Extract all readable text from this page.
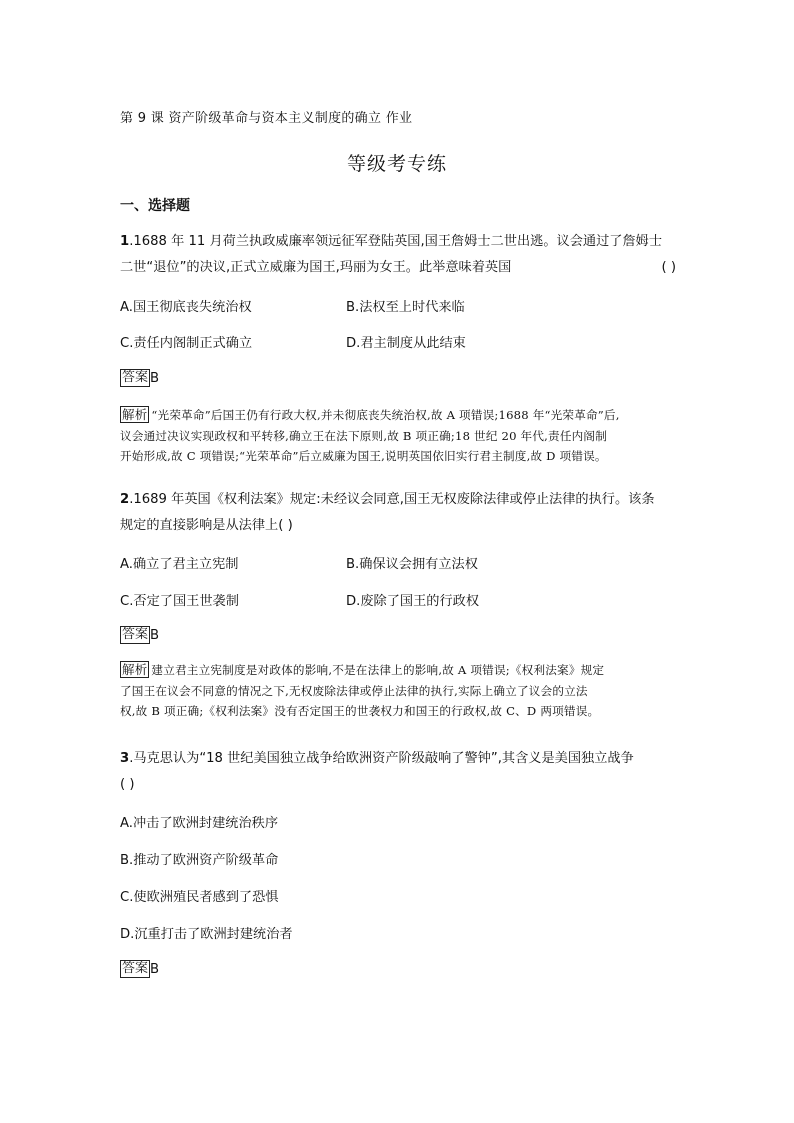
第 9 课 资产阶级革命与资本主义制度的确立 作业
等级考专练
一、选择题
1.1688 年 11 月荷兰执政威廉率领远征军登陆英国,国王詹姆士二世出逃。议会通过了詹姆士
二世“退位”的决议,正式立威廉为国王,玛丽为女王。此举意味着英国	( )
A.国王彻底丧失统治权	B.法权至上时代来临
C.责任内阁制正式确立	D.君主制度从此结束
答案 B
解析 “光荣革命”后国王仍有行政大权,并未彻底丧失统治权,故 A 项错误;1688 年“光荣革命”后,
议会通过决议实现政权和平转移,确立王在法下原则,故 B 项正确;18 世纪 20 年代,责任内阁制
开始形成,故 C 项错误;“光荣革命”后立威廉为国王,说明英国依旧实行君主制度,故 D 项错误。
2.1689 年英国《权利法案》规定:未经议会同意,国王无权废除法律或停止法律的执行。该条
规定的直接影响是从法律上( )
A.确立了君主立宪制	B.确保议会拥有立法权
C.否定了国王世袭制	D.废除了国王的行政权
答案 B
解析 建立君主立宪制度是对政体的影响,不是在法律上的影响,故 A 项错误;《权利法案》规定
了国王在议会不同意的情况之下,无权废除法律或停止法律的执行,实际上确立了议会的立法
权,故 B 项正确;《权利法案》没有否定国王的世袭权力和国王的行政权,故 C、D 两项错误。
3.马克思认为“18 世纪美国独立战争给欧洲资产阶级敲响了警钟”,其含义是美国独立战争
( )
A.冲击了欧洲封建统治秩序
B.推动了欧洲资产阶级革命
C.使欧洲殖民者感到了恐惧
D.沉重打击了欧洲封建统治者
答案 B
